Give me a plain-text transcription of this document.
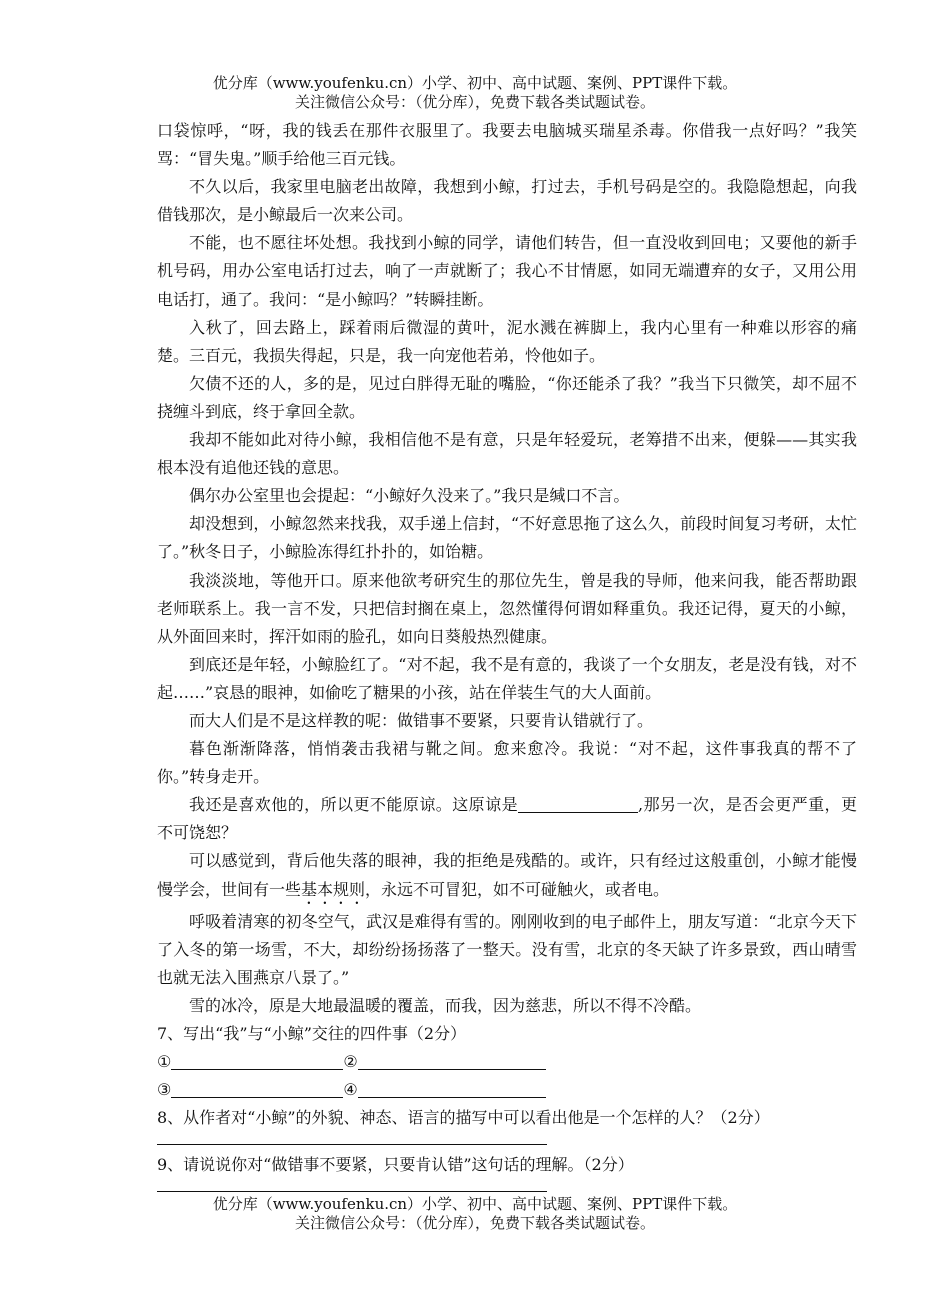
优分库（www.youfenku.cn）小学、初中、高中试题、案例、PPT课件下载。
关注微信公众号：（优分库），免费下载各类试题试卷。

口袋惊呼，“呀，我的钱丢在那件衣服里了。我要去电脑城买瑞星杀毒。你借我一点好吗？”我笑骂：“冒失鬼。”顺手给他三百元钱。

不久以后，我家里电脑老出故障，我想到小鲸，打过去，手机号码是空的。我隐隐想起，向我借钱那次，是小鲸最后一次来公司。

不能，也不愿往坏处想。我找到小鲸的同学，请他们转告，但一直没收到回电；又要他的新手机号码，用办公室电话打过去，响了一声就断了；我心不甘情愿，如同无端遭弃的女子，又用公用电话打，通了。我问：“是小鲸吗？”转瞬挂断。

入秋了，回去路上，踩着雨后微湿的黄叶，泥水溅在裤脚上，我内心里有一种难以形容的痛楚。三百元，我损失得起，只是，我一向宠他若弟，怜他如子。

欠债不还的人，多的是，见过白胖得无耻的嘴脸，“你还能杀了我？”我当下只微笑，却不屈不挠缠斗到底，终于拿回全款。

我却不能如此对待小鲸，我相信他不是有意，只是年轻爱玩，老筹措不出来，便躲——其实我根本没有追他还钱的意思。

偶尔办公室里也会提起：“小鲸好久没来了。”我只是缄口不言。

却没想到，小鲸忽然来找我，双手递上信封，“不好意思拖了这么久，前段时间复习考研，太忙了。”秋冬日子，小鲸脸冻得红扑扑的，如饴糖。

我淡淡地，等他开口。原来他欲考研究生的那位先生，曾是我的导师，他来问我，能否帮助跟老师联系上。我一言不发，只把信封搁在桌上，忽然懂得何谓如释重负。我还记得，夏天的小鲸，从外面回来时，挥汗如雨的脸孔，如向日葵般热烈健康。

到底还是年轻，小鲸脸红了。“对不起，我不是有意的，我谈了一个女朋友，老是没有钱，对不起……”哀恳的眼神，如偷吃了糖果的小孩，站在佯装生气的大人面前。

而大人们是不是这样教的呢：做错事不要紧，只要肯认错就行了。

暮色渐渐降落，悄悄袭击我裙与靴之间。愈来愈冷。我说：“对不起，这件事我真的帮不了你。”转身走开。

我还是喜欢他的，所以更不能原谅。这原谅是	,那另一次，是否会更严重，更不可饶恕？

可以感觉到，背后他失落的眼神，我的拒绝是残酷的。或许，只有经过这般重创，小鲸才能慢慢学会，世间有一些基本规则，永远不可冒犯，如不可碰触火，或者电。

呼吸着清寒的初冬空气，武汉是难得有雪的。刚刚收到的电子邮件上，朋友写道：“北京今天下了入冬的第一场雪，不大，却纷纷扬扬落了一整天。没有雪，北京的冬天缺了许多景致，西山晴雪也就无法入围燕京八景了。”

雪的冰冷，原是大地最温暖的覆盖，而我，因为慈悲，所以不得不冷酷。

7、写出“我”与“小鲸”交往的四件事（2分）

①	②

③	④

8、从作者对“小鲸”的外貌、神态、语言的描写中可以看出他是一个怎样的人？（2分）

9、请说说你对“做错事不要紧，只要肯认错”这句话的理解。（2分）

优分库（www.youfenku.cn）小学、初中、高中试题、案例、PPT课件下载。
关注微信公众号：（优分库），免费下载各类试题试卷。
